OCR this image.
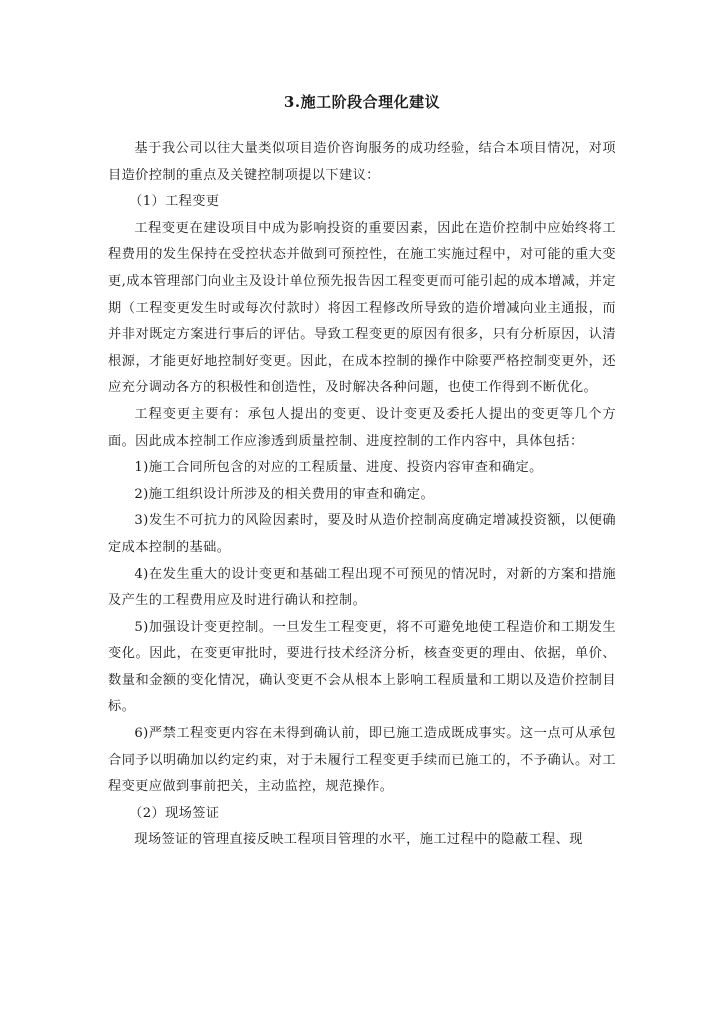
3.施工阶段合理化建议

基于我公司以往大量类似项目造价咨询服务的成功经验，结合本项目情况，对项目造价控制的重点及关键控制项提以下建议：

（1）工程变更

工程变更在建设项目中成为影响投资的重要因素，因此在造价控制中应始终将工程费用的发生保持在受控状态并做到可预控性，在施工实施过程中，对可能的重大变更,成本管理部门向业主及设计单位预先报告因工程变更而可能引起的成本增减，并定期（工程变更发生时或每次付款时）将因工程修改所导致的造价增减向业主通报，而并非对既定方案进行事后的评估。导致工程变更的原因有很多，只有分析原因，认清根源，才能更好地控制好变更。因此，在成本控制的操作中除要严格控制变更外，还应充分调动各方的积极性和创造性，及时解决各种问题，也使工作得到不断优化。

工程变更主要有：承包人提出的变更、设计变更及委托人提出的变更等几个方面。因此成本控制工作应渗透到质量控制、进度控制的工作内容中，具体包括：

1)施工合同所包含的对应的工程质量、进度、投资内容审查和确定。

2)施工组织设计所涉及的相关费用的审查和确定。

3)发生不可抗力的风险因素时，要及时从造价控制高度确定增减投资额，以便确定成本控制的基础。

4)在发生重大的设计变更和基础工程出现不可预见的情况时，对新的方案和措施及产生的工程费用应及时进行确认和控制。

5)加强设计变更控制。一旦发生工程变更，将不可避免地使工程造价和工期发生变化。因此，在变更审批时，要进行技术经济分析，核查变更的理由、依据，单价、数量和金额的变化情况，确认变更不会从根本上影响工程质量和工期以及造价控制目标。

6)严禁工程变更内容在未得到确认前，即已施工造成既成事实。这一点可从承包合同予以明确加以约定约束，对于未履行工程变更手续而已施工的，不予确认。对工程变更应做到事前把关，主动监控，规范操作。

（2）现场签证

现场签证的管理直接反映工程项目管理的水平，施工过程中的隐蔽工程、现
